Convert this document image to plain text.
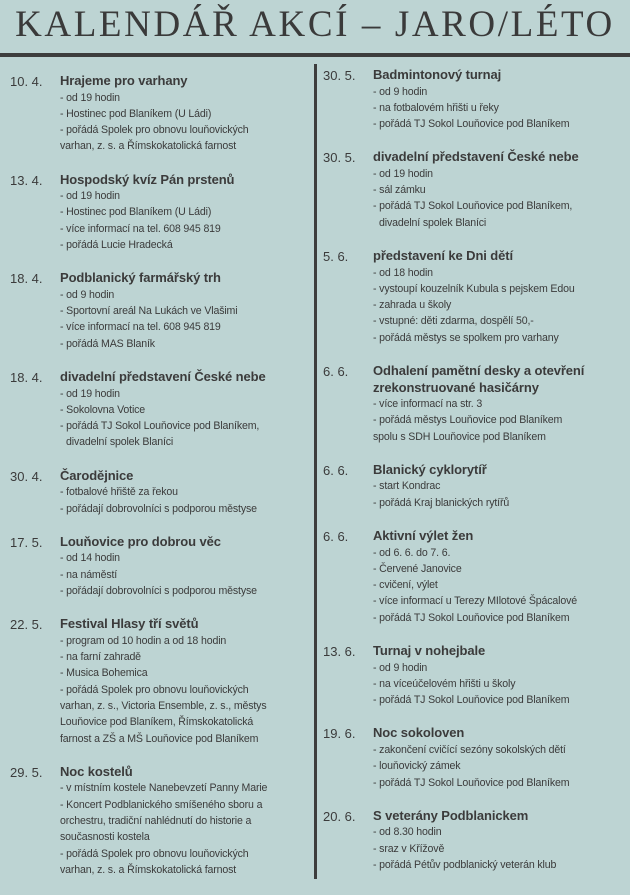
KALENDÁŘ AKCÍ – JARO/LÉTO
10. 4.	Hrajeme pro varhany
- od 19 hodin
- Hostinec pod Blaníkem (U Ládi)
- pořádá Spolek pro obnovu louňovických
varhan, z. s. a Římskokatolická farnost
13. 4.	Hospodský kvíz Pán prstenů
- od 19 hodin
- Hostinec pod Blaníkem (U Ládi)
- více informací na tel. 608 945 819
- pořádá Lucie Hradecká
18. 4.	Podblanický farmářský trh
- od 9 hodin
- Sportovní areál Na Lukách ve Vlašimi
- více informací na tel. 608 945 819
- pořádá MAS Blaník
18. 4.	divadelní představení České nebe
- od 19 hodin
- Sokolovna Votice
- pořádá TJ Sokol Louňovice pod Blaníkem,
divadelní spolek Blaníci
30. 4.	Čarodějnice
- fotbalové hřiště za řekou
- pořádají dobrovolníci s podporou městyse
17. 5.	Louňovice pro dobrou věc
- od 14 hodin
- na náměstí
- pořádají dobrovolníci s podporou městyse
22. 5.	Festival Hlasy tří světů
- program od 10 hodin a od 18 hodin
- na farní zahradě
- Musica Bohemica
- pořádá Spolek pro obnovu louňovických
varhan, z. s., Victoria Ensemble, z. s., městys
Louňovice pod Blaníkem, Římskokatolická
farnost a ZŠ a MŠ Louňovice pod Blaníkem
29. 5.	Noc kostelů
- v místním kostele Nanebevzetí Panny Marie
- Koncert Podblanického smíšeného sboru a
orchestru, tradiční nahlédnutí do historie a
současnosti kostela
- pořádá Spolek pro obnovu louňovických
varhan, z. s. a Římskokatolická farnost
30. 5.	Badmintonový turnaj
- od 9 hodin
- na fotbalovém hřišti u řeky
- pořádá TJ Sokol Louňovice pod Blaníkem
30. 5.	divadelní představení České nebe
- od 19 hodin
- sál zámku
- pořádá TJ Sokol Louňovice pod Blaníkem,
divadelní spolek Blaníci
5. 6.	představení ke Dni dětí
- od 18 hodin
- vystoupí kouzelník Kubula s pejskem Edou
- zahrada u školy
- vstupné: děti zdarma, dospělí 50,-
- pořádá městys se spolkem pro varhany
6. 6.	Odhalení pamětní desky a otevření
zrekonstruované hasičárny
- více informací na str. 3
- pořádá městys Louňovice pod Blaníkem
spolu s SDH Louňovice pod Blaníkem
6. 6.	Blanický cyklorytíř
- start Kondrac
- pořádá Kraj blanických rytířů
6. 6.	Aktivní výlet žen
- od 6. 6. do 7. 6.
- Červené Janovice
- cvičení, výlet
- více informací u Terezy MIlotové Špácalové
- pořádá TJ Sokol Louňovice pod Blaníkem
13. 6.	Turnaj v nohejbale
- od 9 hodin
- na víceúčelovém hřišti u školy
- pořádá TJ Sokol Louňovice pod Blaníkem
19. 6.	Noc sokoloven
- zakončení cvičící sezóny sokolských dětí
- louňovický zámek
- pořádá TJ Sokol Louňovice pod Blaníkem
20. 6.	S veterány Podblanickem
- od 8.30 hodin
- sraz v Křížově
- pořádá Pétův podblanický veterán klub
